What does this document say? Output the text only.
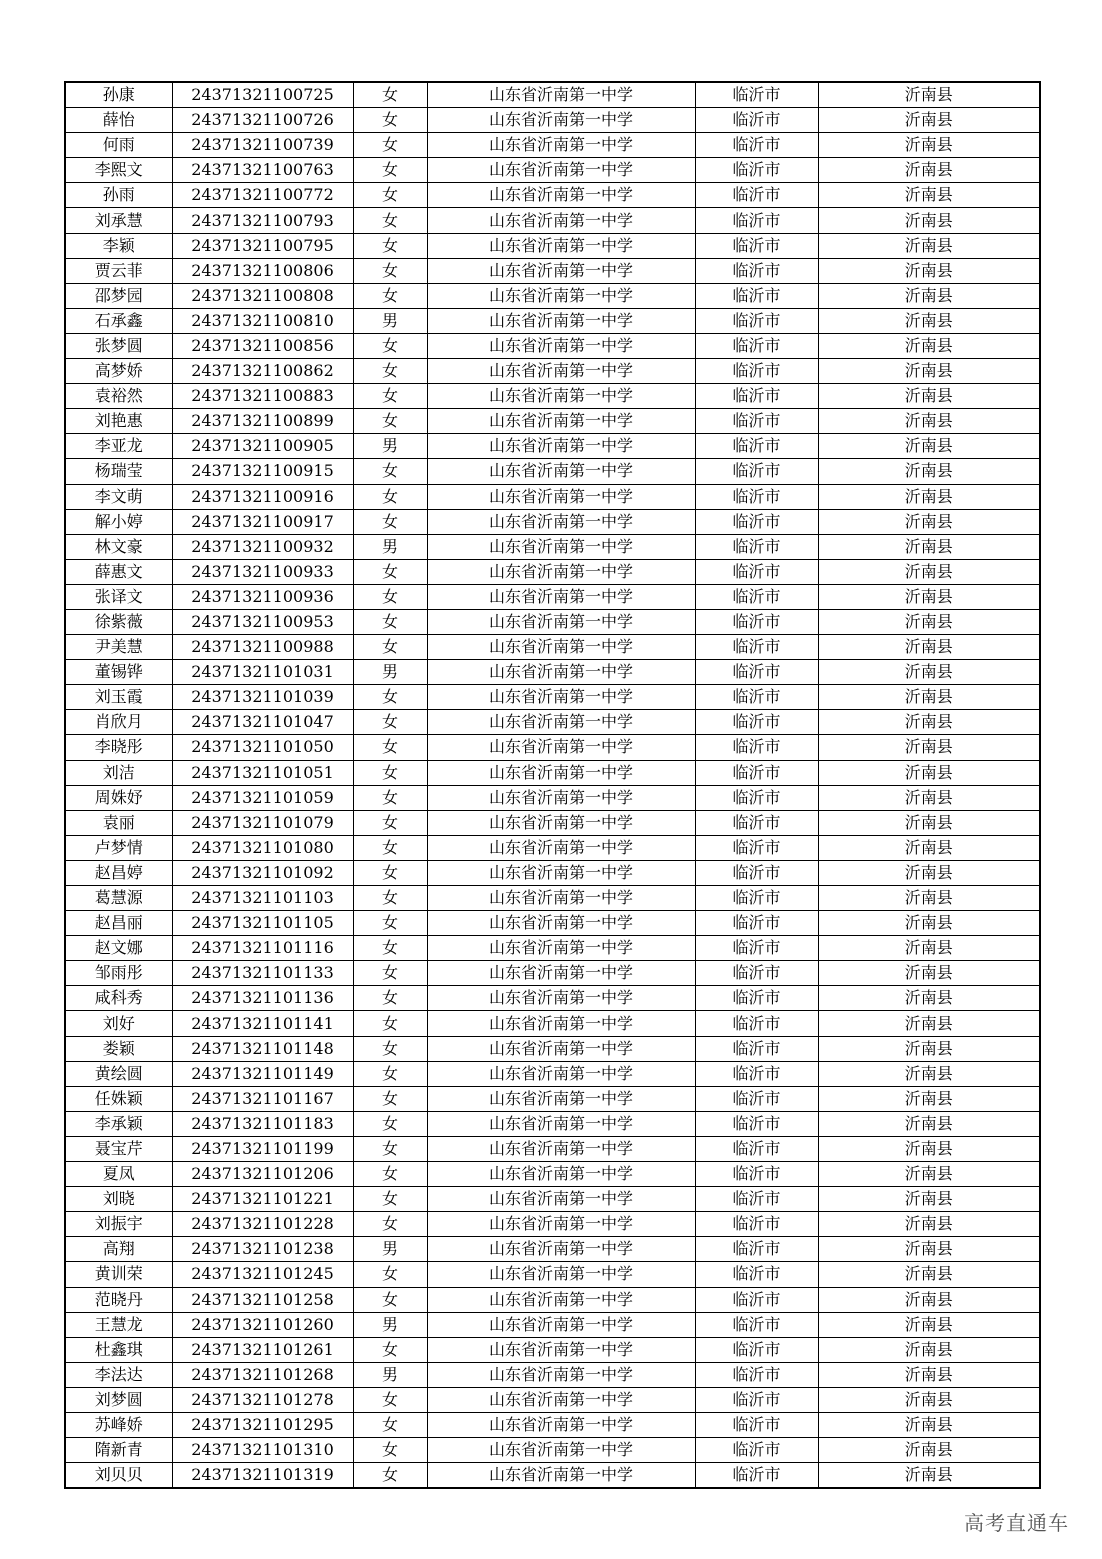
孙康	24371321100725	女	山东省沂南第一中学	临沂市	沂南县
薛怡	24371321100726	女	山东省沂南第一中学	临沂市	沂南县
何雨	24371321100739	女	山东省沂南第一中学	临沂市	沂南县
李熙文	24371321100763	女	山东省沂南第一中学	临沂市	沂南县
孙雨	24371321100772	女	山东省沂南第一中学	临沂市	沂南县
刘承慧	24371321100793	女	山东省沂南第一中学	临沂市	沂南县
李颖	24371321100795	女	山东省沂南第一中学	临沂市	沂南县
贾云菲	24371321100806	女	山东省沂南第一中学	临沂市	沂南县
邵梦园	24371321100808	女	山东省沂南第一中学	临沂市	沂南县
石承鑫	24371321100810	男	山东省沂南第一中学	临沂市	沂南县
张梦圆	24371321100856	女	山东省沂南第一中学	临沂市	沂南县
高梦娇	24371321100862	女	山东省沂南第一中学	临沂市	沂南县
袁裕然	24371321100883	女	山东省沂南第一中学	临沂市	沂南县
刘艳惠	24371321100899	女	山东省沂南第一中学	临沂市	沂南县
李亚龙	24371321100905	男	山东省沂南第一中学	临沂市	沂南县
杨瑞莹	24371321100915	女	山东省沂南第一中学	临沂市	沂南县
李文萌	24371321100916	女	山东省沂南第一中学	临沂市	沂南县
解小婷	24371321100917	女	山东省沂南第一中学	临沂市	沂南县
林文豪	24371321100932	男	山东省沂南第一中学	临沂市	沂南县
薛惠文	24371321100933	女	山东省沂南第一中学	临沂市	沂南县
张译文	24371321100936	女	山东省沂南第一中学	临沂市	沂南县
徐紫薇	24371321100953	女	山东省沂南第一中学	临沂市	沂南县
尹美慧	24371321100988	女	山东省沂南第一中学	临沂市	沂南县
董锡铧	24371321101031	男	山东省沂南第一中学	临沂市	沂南县
刘玉霞	24371321101039	女	山东省沂南第一中学	临沂市	沂南县
肖欣月	24371321101047	女	山东省沂南第一中学	临沂市	沂南县
李晓彤	24371321101050	女	山东省沂南第一中学	临沂市	沂南县
刘洁	24371321101051	女	山东省沂南第一中学	临沂市	沂南县
周姝妤	24371321101059	女	山东省沂南第一中学	临沂市	沂南县
袁丽	24371321101079	女	山东省沂南第一中学	临沂市	沂南县
卢梦情	24371321101080	女	山东省沂南第一中学	临沂市	沂南县
赵昌婷	24371321101092	女	山东省沂南第一中学	临沂市	沂南县
葛慧源	24371321101103	女	山东省沂南第一中学	临沂市	沂南县
赵昌丽	24371321101105	女	山东省沂南第一中学	临沂市	沂南县
赵文娜	24371321101116	女	山东省沂南第一中学	临沂市	沂南县
邹雨彤	24371321101133	女	山东省沂南第一中学	临沂市	沂南县
咸科秀	24371321101136	女	山东省沂南第一中学	临沂市	沂南县
刘好	24371321101141	女	山东省沂南第一中学	临沂市	沂南县
娄颖	24371321101148	女	山东省沂南第一中学	临沂市	沂南县
黄绘圆	24371321101149	女	山东省沂南第一中学	临沂市	沂南县
任姝颖	24371321101167	女	山东省沂南第一中学	临沂市	沂南县
李承颖	24371321101183	女	山东省沂南第一中学	临沂市	沂南县
聂宝芹	24371321101199	女	山东省沂南第一中学	临沂市	沂南县
夏凤	24371321101206	女	山东省沂南第一中学	临沂市	沂南县
刘晓	24371321101221	女	山东省沂南第一中学	临沂市	沂南县
刘振宇	24371321101228	女	山东省沂南第一中学	临沂市	沂南县
高翔	24371321101238	男	山东省沂南第一中学	临沂市	沂南县
黄训荣	24371321101245	女	山东省沂南第一中学	临沂市	沂南县
范晓丹	24371321101258	女	山东省沂南第一中学	临沂市	沂南县
王慧龙	24371321101260	男	山东省沂南第一中学	临沂市	沂南县
杜鑫琪	24371321101261	女	山东省沂南第一中学	临沂市	沂南县
李法达	24371321101268	男	山东省沂南第一中学	临沂市	沂南县
刘梦圆	24371321101278	女	山东省沂南第一中学	临沂市	沂南县
苏峰娇	24371321101295	女	山东省沂南第一中学	临沂市	沂南县
隋新青	24371321101310	女	山东省沂南第一中学	临沂市	沂南县
刘贝贝	24371321101319	女	山东省沂南第一中学	临沂市	沂南县
高考直通车
